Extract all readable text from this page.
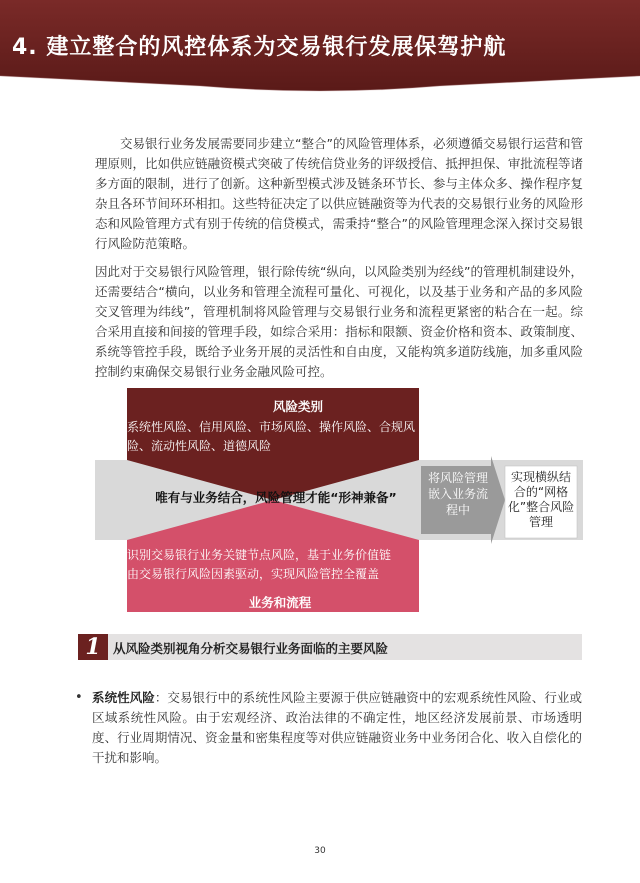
4. 建立整合的风控体系为交易银行发展保驾护航

交易银行业务发展需要同步建立“整合”的风险管理体系，必须遵循交易银行运营和管理原则，比如供应链融资模式突破了传统信贷业务的评级授信、抵押担保、审批流程等诸多方面的限制，进行了创新。这种新型模式涉及链条环节长、参与主体众多、操作程序复杂且各环节间环环相扣。这些特征决定了以供应链融资等为代表的交易银行业务的风险形态和风险管理方式有别于传统的信贷模式，需秉持“整合”的风险管理理念深入探讨交易银行风险防范策略。

因此对于交易银行风险管理，银行除传统“纵向，以风险类别为经线”的管理机制建设外，还需要结合“横向，以业务和管理全流程可量化、可视化，以及基于业务和产品的多风险交叉管理为纬线”，管理机制将风险管理与交易银行业务和流程更紧密的粘合在一起。综合采用直接和间接的管理手段，如综合采用：指标和限额、资金价格和资本、政策制度、系统等管控手段，既给予业务开展的灵活性和自由度，又能构筑多道防线施，加多重风险控制约束确保交易银行业务金融风险可控。

风险类别
系统性风险、信用风险、市场风险、操作风险、合规风险、流动性风险、道德风险
唯有与业务结合，风险管理才能“形神兼备”
将风险管理嵌入业务流程中
实现横纵结合的“网格化”整合风险管理
识别交易银行业务关键节点风险，基于业务价值链由交易银行风险因素驱动，实现风险管控全覆盖
业务和流程
1 从风险类别视角分析交易银行业务面临的主要风险
• 系统性风险：交易银行中的系统性风险主要源于供应链融资中的宏观系统性风险、行业或区域系统性风险。由于宏观经济、政治法律的不确定性，地区经济发展前景、市场透明度、行业周期情况、资金量和密集程度等对供应链融资业务中业务闭合化、收入自偿化的干扰和影响。

30
